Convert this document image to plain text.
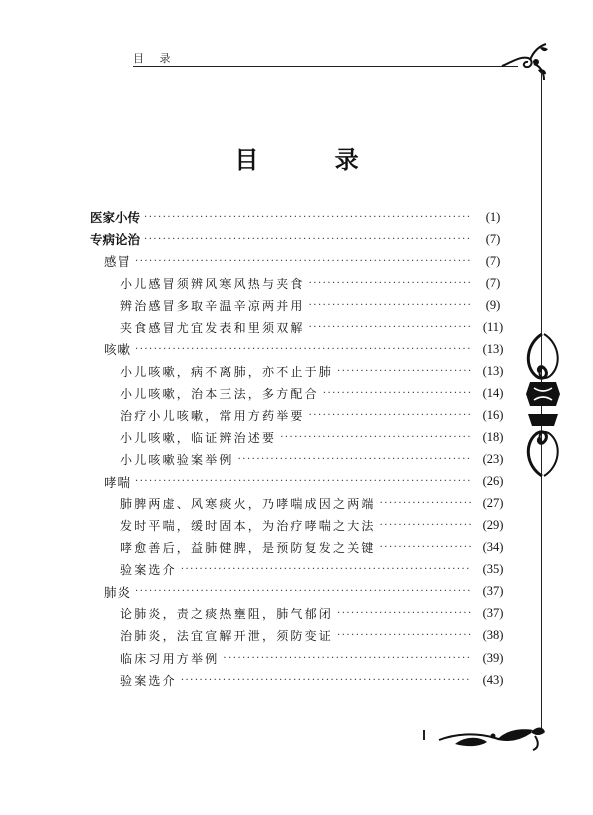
目 录
目 录
医家小传 ·····	(1)
专病论治 ·····	(7)
感冒 ·····	(7)
小儿感冒须辨风寒风热与夹食 ·····	(7)
辨治感冒多取辛温辛凉两并用 ·····	(9)
夹食感冒尤宜发表和里须双解 ·····	(11)
咳嗽 ·····	(13)
小儿咳嗽，病不离肺，亦不止于肺 ·····	(13)
小儿咳嗽，治本三法，多方配合 ·····	(14)
治疗小儿咳嗽，常用方药举要 ·····	(16)
小儿咳嗽，临证辨治述要 ·····	(18)
小儿咳嗽验案举例 ·····	(23)
哮喘 ·····	(26)
肺脾两虚、风寒痰火，乃哮喘成因之两端 ·····	(27)
发时平喘，缓时固本，为治疗哮喘之大法 ·····	(29)
哮愈善后，益肺健脾，是预防复发之关键 ·····	(34)
验案选介 ·····	(35)
肺炎 ·····	(37)
论肺炎，责之痰热壅阻，肺气郁闭 ·····	(37)
治肺炎，法宜宣解开泄，须防变证 ·····	(38)
临床习用方举例 ·····	(39)
验案选介 ·····	(43)
